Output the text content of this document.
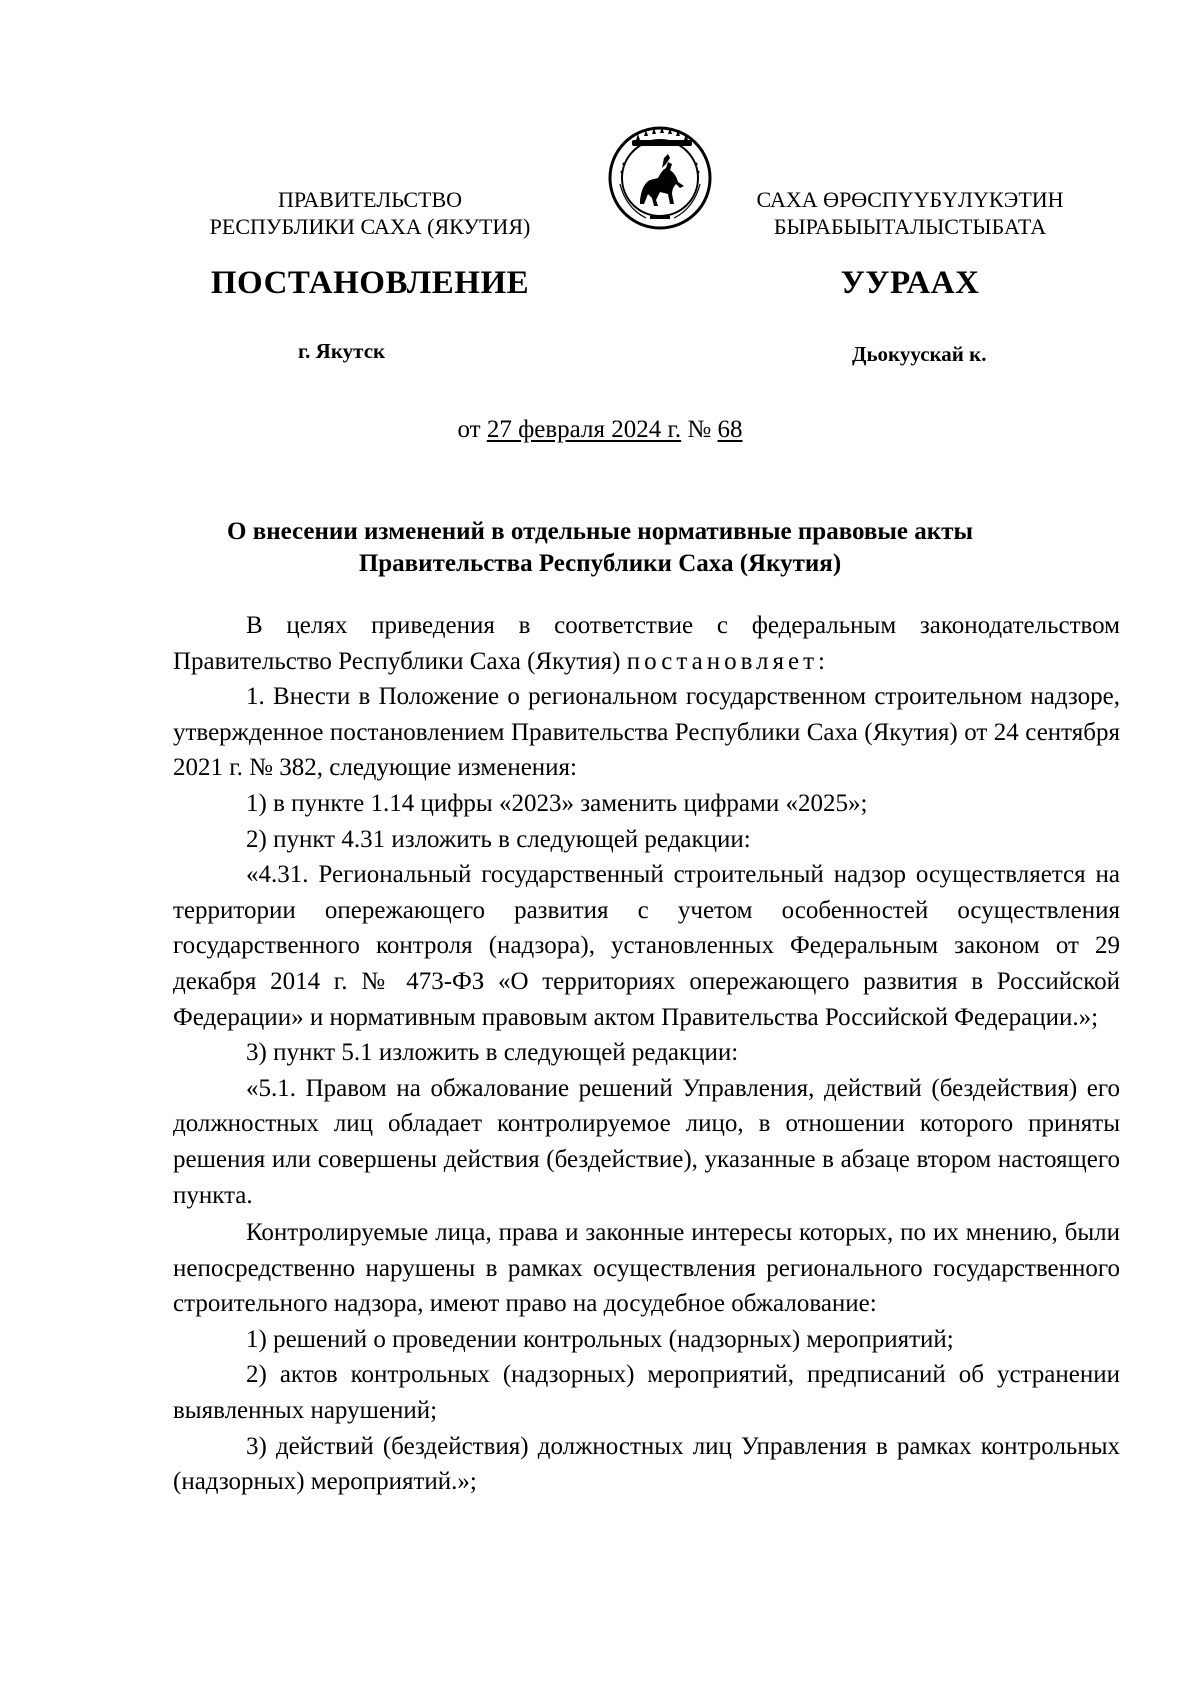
ПРАВИТЕЛЬСТВО
РЕСПУБЛИКИ САХА (ЯКУТИЯ)
САХА ӨРӨСПҮҮБҮЛҮКЭТИН
БЫРАБЫЫТАЛЫСТЫБАТА
ПОСТАНОВЛЕНИЕ	УУРААХ
г. Якутск	Дьокуускай к.
от 27 февраля 2024 г. № 68
О внесении изменений в отдельные нормативные правовые акты
Правительства Республики Саха (Якутия)

В целях приведения в соответствие с федеральным законодательством Правительство Республики Саха (Якутия) постановляет:

1. Внести в Положение о региональном государственном строительном надзоре, утвержденное постановлением Правительства Республики Саха (Якутия) от 24 сентября 2021 г. № 382, следующие изменения:

1) в пункте 1.14 цифры «2023» заменить цифрами «2025»;

2) пункт 4.31 изложить в следующей редакции:

«4.31. Региональный государственный строительный надзор осуществляется на территории опережающего развития с учетом особенностей осуществления государственного контроля (надзора), установленных Федеральным законом от 29 декабря 2014 г. № 473-ФЗ «О территориях опережающего развития в Российской Федерации» и нормативным правовым актом Правительства Российской Федерации.»;

3) пункт 5.1 изложить в следующей редакции:

«5.1. Правом на обжалование решений Управления, действий (бездействия) его должностных лиц обладает контролируемое лицо, в отношении которого приняты решения или совершены действия (бездействие), указанные в абзаце втором настоящего пункта.

Контролируемые лица, права и законные интересы которых, по их мнению, были непосредственно нарушены в рамках осуществления регионального государственного строительного надзора, имеют право на досудебное обжалование:

1) решений о проведении контрольных (надзорных) мероприятий;

2) актов контрольных (надзорных) мероприятий, предписаний об устранении выявленных нарушений;

3) действий (бездействия) должностных лиц Управления в рамках контрольных (надзорных) мероприятий.»;
